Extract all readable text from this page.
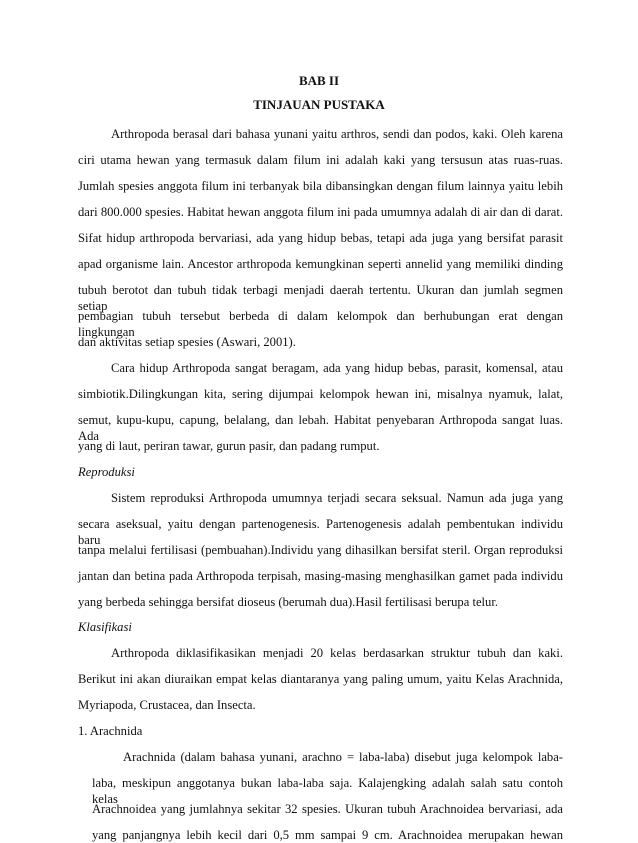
BAB II
TINJAUAN PUSTAKA
Arthropoda berasal dari bahasa yunani yaitu arthros, sendi dan podos, kaki. Oleh karena
ciri utama hewan yang termasuk dalam filum ini adalah kaki yang tersusun atas ruas-ruas.
Jumlah spesies anggota filum ini terbanyak bila dibansingkan dengan filum lainnya yaitu lebih
dari 800.000 spesies. Habitat hewan anggota filum ini pada umumnya adalah di air dan di darat.
Sifat hidup arthropoda bervariasi, ada yang hidup bebas, tetapi ada juga yang bersifat parasit
apad organisme lain. Ancestor arthropoda kemungkinan seperti annelid yang memiliki dinding
tubuh berotot dan tubuh tidak terbagi menjadi daerah tertentu. Ukuran dan jumlah segmen setiap
pembagian tubuh tersebut berbeda di dalam kelompok dan berhubungan erat dengan lingkungan
dan aktivitas setiap spesies (Aswari, 2001).
Cara hidup Arthropoda sangat beragam, ada yang hidup bebas, parasit, komensal, atau
simbiotik.Dilingkungan kita, sering dijumpai kelompok hewan ini, misalnya nyamuk, lalat,
semut, kupu-kupu, capung, belalang, dan lebah. Habitat penyebaran Arthropoda sangat luas. Ada
yang di laut, periran tawar, gurun pasir, dan padang rumput.
Reproduksi
Sistem reproduksi Arthropoda umumnya terjadi secara seksual. Namun ada juga yang
secara aseksual, yaitu dengan partenogenesis. Partenogenesis adalah pembentukan individu baru
tanpa melalui fertilisasi (pembuahan).Individu yang dihasilkan bersifat steril. Organ reproduksi
jantan dan betina pada Arthropoda terpisah, masing-masing menghasilkan gamet pada individu
yang berbeda sehingga bersifat dioseus (berumah dua).Hasil fertilisasi berupa telur.
Klasifikasi
Arthropoda diklasifikasikan menjadi 20 kelas berdasarkan struktur tubuh dan kaki.
Berikut ini akan diuraikan empat kelas diantaranya yang paling umum, yaitu Kelas Arachnida,
Myriapoda, Crustacea, dan Insecta.
1. Arachnida
Arachnida (dalam bahasa yunani, arachno = laba-laba) disebut juga kelompok laba-
laba, meskipun anggotanya bukan laba-laba saja. Kalajengking adalah salah satu contoh kelas
Arachnoidea yang jumlahnya sekitar 32 spesies. Ukuran tubuh Arachnoidea bervariasi, ada
yang panjangnya lebih kecil dari 0,5 mm sampai 9 cm. Arachnoidea merupakan hewan
